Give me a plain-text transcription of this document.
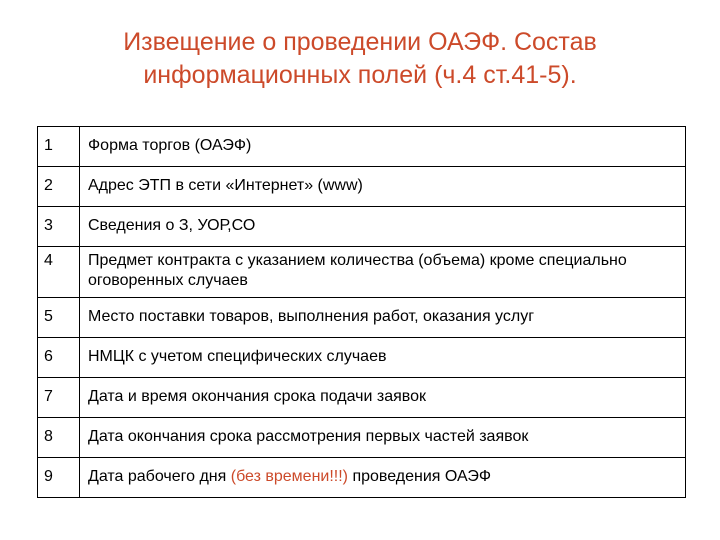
Извещение о проведении ОАЭФ. Состав
информационных полей (ч.4 ст.41-5).
1	Форма торгов (ОАЭФ)
2	Адрес ЭТП в сети «Интернет» (www)
3	Сведения о З, УОР,СО
4	Предмет контракта с указанием количества (объема) кроме специально оговоренных случаев
5	Место поставки товаров, выполнения работ, оказания услуг
6	НМЦК с учетом специфических случаев
7	Дата и время окончания срока подачи заявок
8	Дата окончания срока рассмотрения первых частей заявок
9	Дата рабочего дня (без времени!!!) проведения ОАЭФ
